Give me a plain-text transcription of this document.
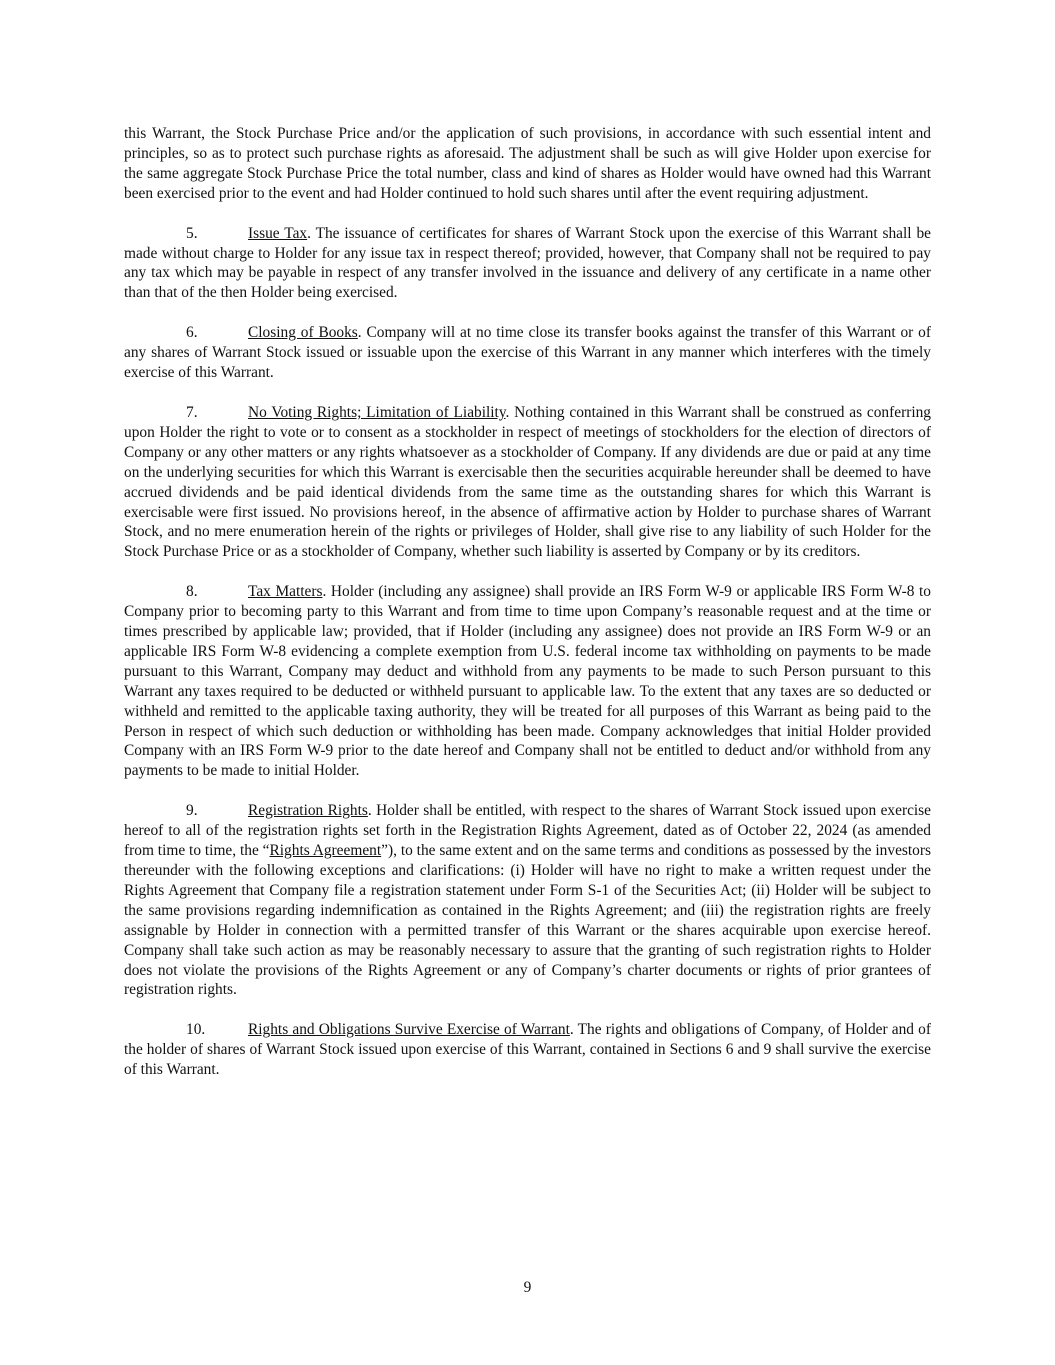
this Warrant, the Stock Purchase Price and/or the application of such provisions, in accordance with such essential intent and principles, so as to protect such purchase rights as aforesaid. The adjustment shall be such as will give Holder upon exercise for the same aggregate Stock Purchase Price the total number, class and kind of shares as Holder would have owned had this Warrant been exercised prior to the event and had Holder continued to hold such shares until after the event requiring adjustment.

5.	Issue Tax. The issuance of certificates for shares of Warrant Stock upon the exercise of this Warrant shall be made without charge to Holder for any issue tax in respect thereof; provided, however, that Company shall not be required to pay any tax which may be payable in respect of any transfer involved in the issuance and delivery of any certificate in a name other than that of the then Holder being exercised.

6.	Closing of Books. Company will at no time close its transfer books against the transfer of this Warrant or of any shares of Warrant Stock issued or issuable upon the exercise of this Warrant in any manner which interferes with the timely exercise of this Warrant.

7.	No Voting Rights; Limitation of Liability. Nothing contained in this Warrant shall be construed as conferring upon Holder the right to vote or to consent as a stockholder in respect of meetings of stockholders for the election of directors of Company or any other matters or any rights whatsoever as a stockholder of Company. If any dividends are due or paid at any time on the underlying securities for which this Warrant is exercisable then the securities acquirable hereunder shall be deemed to have accrued dividends and be paid identical dividends from the same time as the outstanding shares for which this Warrant is exercisable were first issued. No provisions hereof, in the absence of affirmative action by Holder to purchase shares of Warrant Stock, and no mere enumeration herein of the rights or privileges of Holder, shall give rise to any liability of such Holder for the Stock Purchase Price or as a stockholder of Company, whether such liability is asserted by Company or by its creditors.

8.	Tax Matters. Holder (including any assignee) shall provide an IRS Form W-9 or applicable IRS Form W-8 to Company prior to becoming party to this Warrant and from time to time upon Company’s reasonable request and at the time or times prescribed by applicable law; provided, that if Holder (including any assignee) does not provide an IRS Form W-9 or an applicable IRS Form W-8 evidencing a complete exemption from U.S. federal income tax withholding on payments to be made pursuant to this Warrant, Company may deduct and withhold from any payments to be made to such Person pursuant to this Warrant any taxes required to be deducted or withheld pursuant to applicable law. To the extent that any taxes are so deducted or withheld and remitted to the applicable taxing authority, they will be treated for all purposes of this Warrant as being paid to the Person in respect of which such deduction or withholding has been made. Company acknowledges that initial Holder provided Company with an IRS Form W-9 prior to the date hereof and Company shall not be entitled to deduct and/or withhold from any payments to be made to initial Holder.

9.	Registration Rights. Holder shall be entitled, with respect to the shares of Warrant Stock issued upon exercise hereof to all of the registration rights set forth in the Registration Rights Agreement, dated as of October 22, 2024 (as amended from time to time, the “Rights Agreement”), to the same extent and on the same terms and conditions as possessed by the investors thereunder with the following exceptions and clarifications: (i) Holder will have no right to make a written request under the Rights Agreement that Company file a registration statement under Form S-1 of the Securities Act; (ii) Holder will be subject to the same provisions regarding indemnification as contained in the Rights Agreement; and (iii) the registration rights are freely assignable by Holder in connection with a permitted transfer of this Warrant or the shares acquirable upon exercise hereof. Company shall take such action as may be reasonably necessary to assure that the granting of such registration rights to Holder does not violate the provisions of the Rights Agreement or any of Company’s charter documents or rights of prior grantees of registration rights.

10.	Rights and Obligations Survive Exercise of Warrant. The rights and obligations of Company, of Holder and of the holder of shares of Warrant Stock issued upon exercise of this Warrant, contained in Sections 6 and 9 shall survive the exercise of this Warrant.

9
